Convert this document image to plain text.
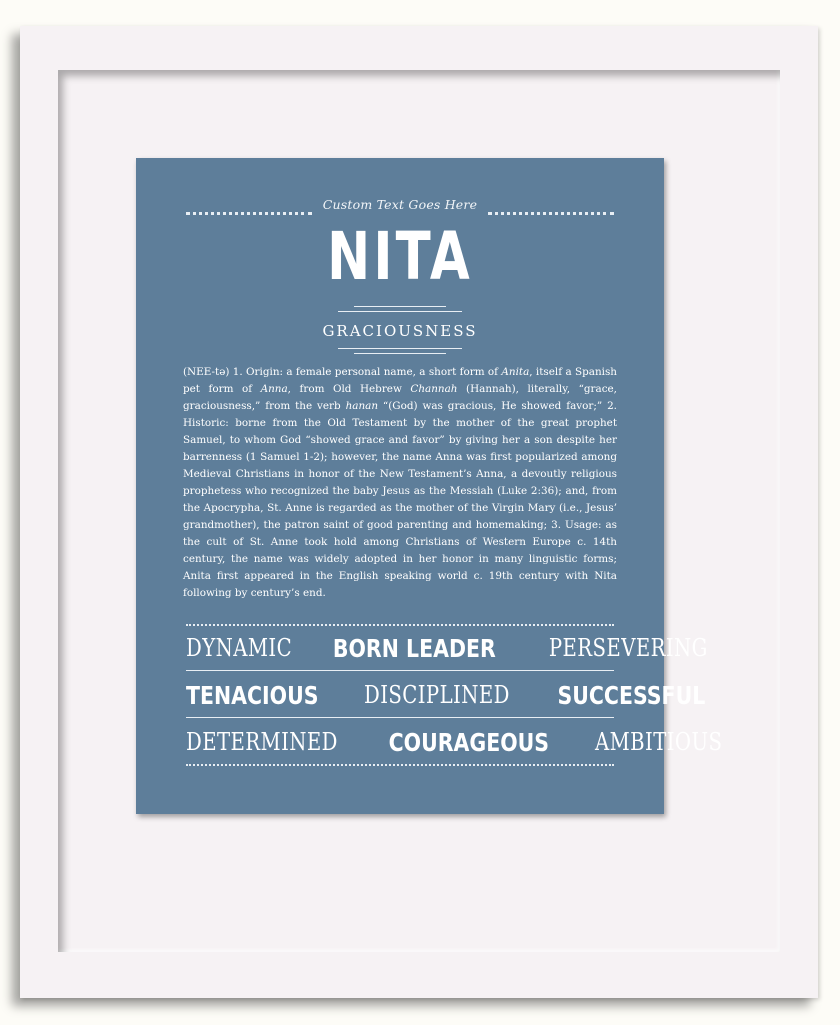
Custom Text Goes Here
NITA
GRACIOUSNESS
(NEE-tə) 1. Origin: a female personal name, a short form of Anita, itself a Spanish pet form of Anna, from Old Hebrew Channah (Hannah), literally, “grace, graciousness,” from the verb hanan “(God) was gracious, He showed favor;” 2. Historic: borne from the Old Testament by the mother of the great prophet Samuel, to whom God “showed grace and favor” by giving her a son despite her barrenness (1 Samuel 1-2); however, the name Anna was first popularized among Medieval Christians in honor of the New Testament’s Anna, a devoutly religious prophetess who recognized the baby Jesus as the Messiah (Luke 2:36); and, from the Apocrypha, St. Anne is regarded as the mother of the Virgin Mary (i.e., Jesus’ grandmother), the patron saint of good parenting and homemaking; 3. Usage: as the cult of St. Anne took hold among Christians of Western Europe c. 14th century, the name was widely adopted in her honor in many linguistic forms; Anita first appeared in the English speaking world c. 19th century with Nita following by century’s end.
DYNAMIC BORN LEADER PERSEVERING
TENACIOUS DISCIPLINED SUCCESSFUL
DETERMINED COURAGEOUS AMBITIOUS
